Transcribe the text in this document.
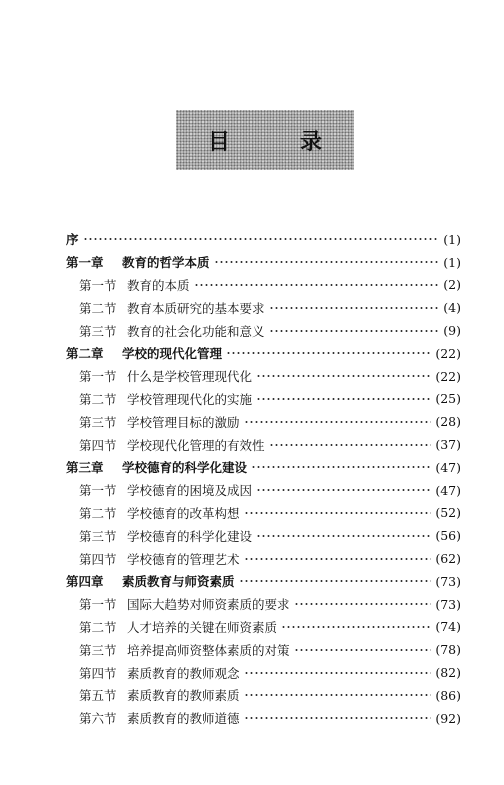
目　录
序	(1)
第一章 教育的哲学本质	(1)
第一节 教育的本质	(2)
第二节 教育本质研究的基本要求	(4)
第三节 教育的社会化功能和意义	(9)
第二章 学校的现代化管理	(22)
第一节 什么是学校管理现代化	(22)
第二节 学校管理现代化的实施	(25)
第三节 学校管理目标的激励	(28)
第四节 学校现代化管理的有效性	(37)
第三章 学校德育的科学化建设	(47)
第一节 学校德育的困境及成因	(47)
第二节 学校德育的改革构想	(52)
第三节 学校德育的科学化建设	(56)
第四节 学校德育的管理艺术	(62)
第四章 素质教育与师资素质	(73)
第一节 国际大趋势对师资素质的要求	(73)
第二节 人才培养的关键在师资素质	(74)
第三节 培养提高师资整体素质的对策	(78)
第四节 素质教育的教师观念	(82)
第五节 素质教育的教师素质	(86)
第六节 素质教育的教师道德	(92)
